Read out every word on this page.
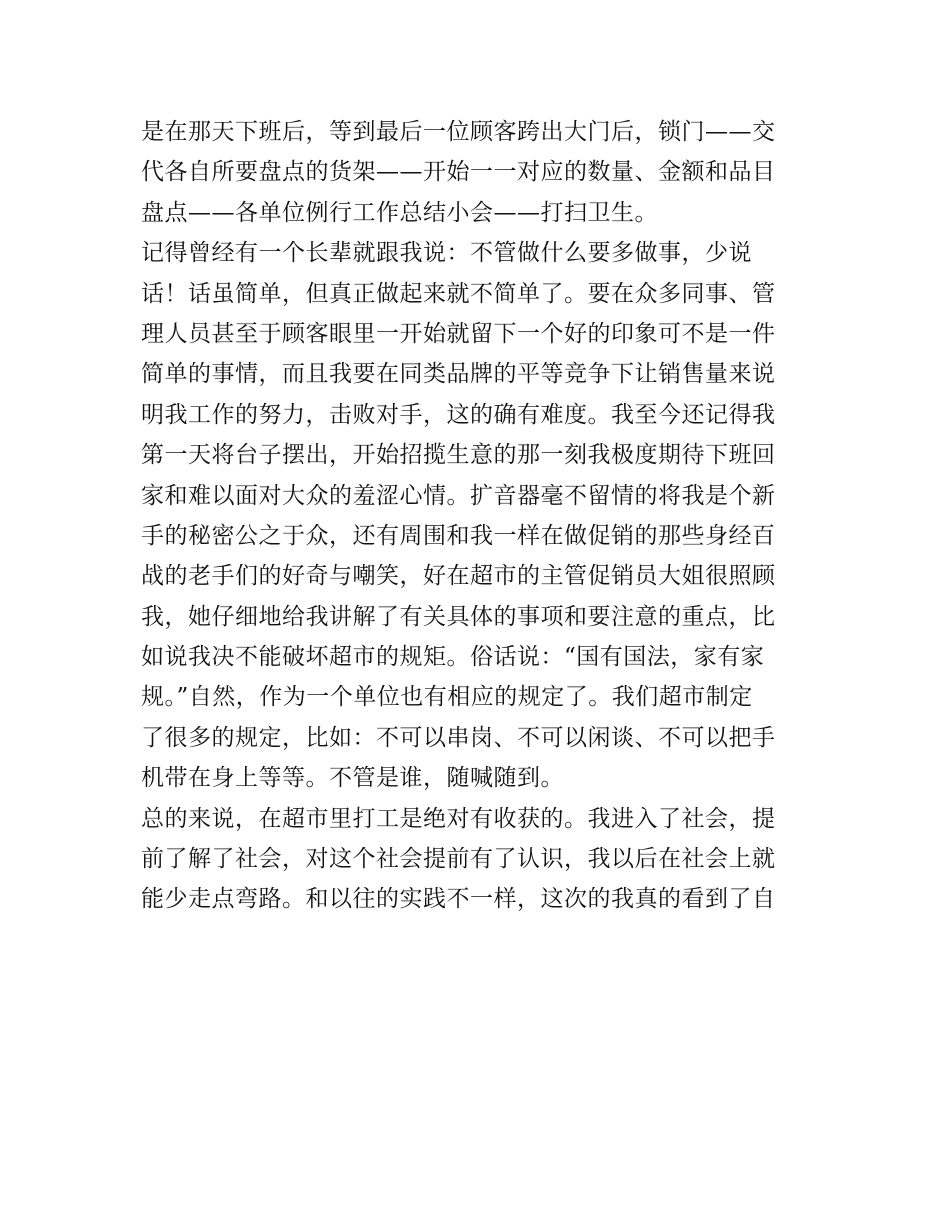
是在那天下班后，等到最后一位顾客跨出大门后，锁门——交
代各自所要盘点的货架——开始一一对应的数量、金额和品目
盘点——各单位例行工作总结小会——打扫卫生。
记得曾经有一个长辈就跟我说：不管做什么要多做事，少说
话！话虽简单，但真正做起来就不简单了。要在众多同事、管
理人员甚至于顾客眼里一开始就留下一个好的印象可不是一件
简单的事情，而且我要在同类品牌的平等竞争下让销售量来说
明我工作的努力，击败对手，这的确有难度。我至今还记得我
第一天将台子摆出，开始招揽生意的那一刻我极度期待下班回
家和难以面对大众的羞涩心情。扩音器毫不留情的将我是个新
手的秘密公之于众，还有周围和我一样在做促销的那些身经百
战的老手们的好奇与嘲笑，好在超市的主管促销员大姐很照顾
我，她仔细地给我讲解了有关具体的事项和要注意的重点，比
如说我决不能破坏超市的规矩。俗话说：“国有国法，家有家
规。”自然，作为一个单位也有相应的规定了。我们超市制定
了很多的规定，比如：不可以串岗、不可以闲谈、不可以把手
机带在身上等等。不管是谁，随喊随到。
总的来说，在超市里打工是绝对有收获的。我进入了社会，提
前了解了社会，对这个社会提前有了认识，我以后在社会上就
能少走点弯路。和以往的实践不一样，这次的我真的看到了自
